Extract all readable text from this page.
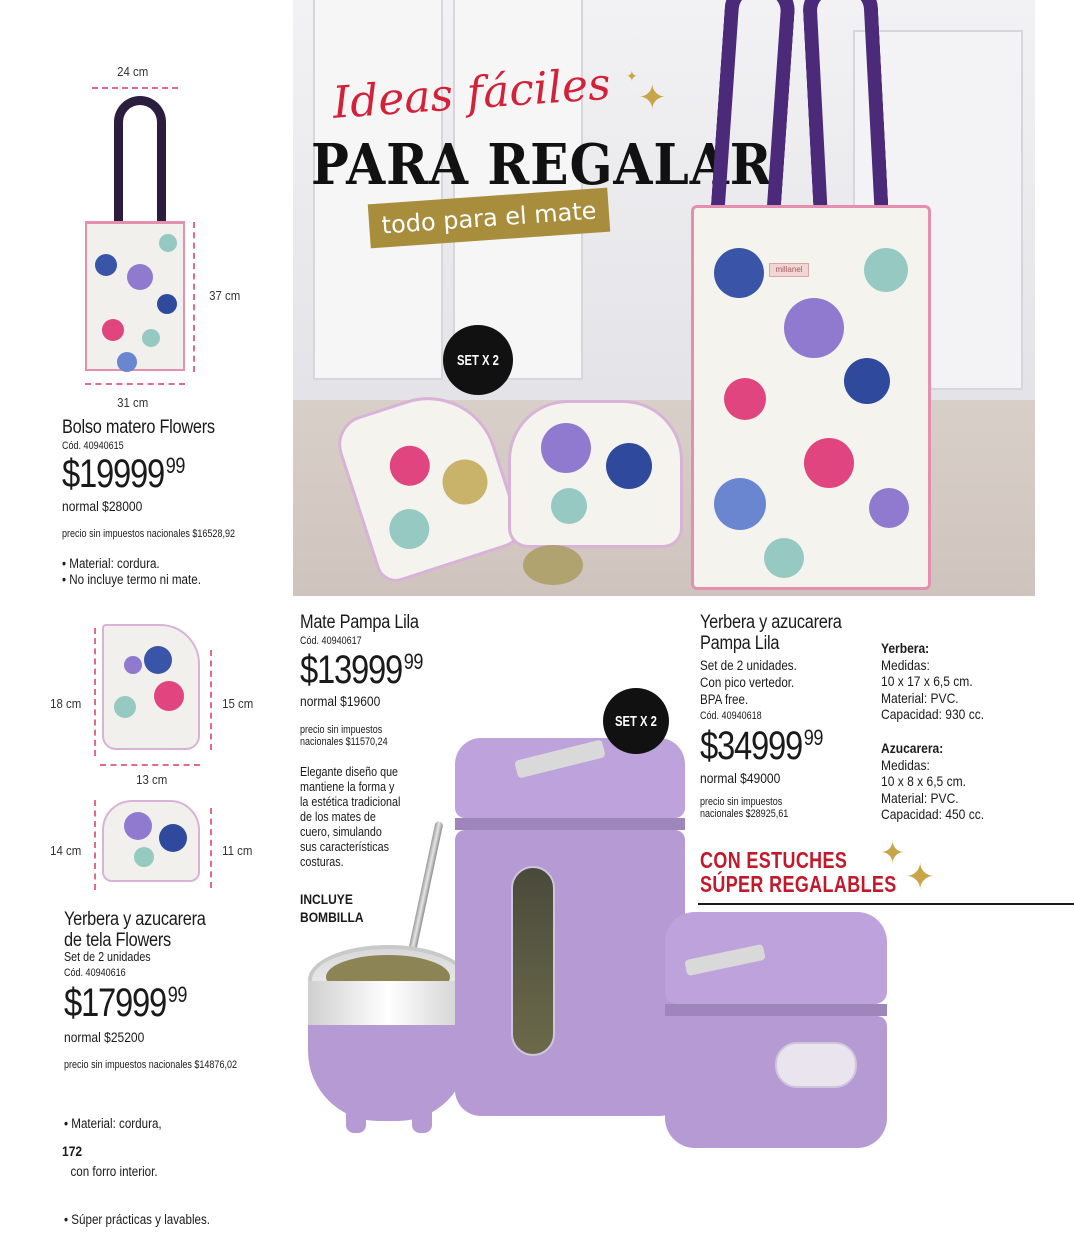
Ideas fáciles
PARA REGALAR
todo para el mate
✦
✦
SET X 2
millanel
24 cm
37 cm
31 cm
Bolso matero Flowers
Cód. 40940615
$19999 99
normal $28000
precio sin impuestos nacionales $16528,92
• Material: cordura.
• No incluye termo ni mate.
18 cm	15 cm
13 cm
14 cm	11 cm
Yerbera y azucarera
de tela Flowers
Set de 2 unidades
Cód. 40940616
$17999 99
normal $25200
precio sin impuestos nacionales $14876,02

• Material: cordura,

con forro interior.

• Súper prácticas y lavables.

172
Mate Pampa Lila
Cód. 40940617
$13999 99
normal $19600
precio sin impuestos
nacionales $11570,24
Elegante diseño que
mantiene la forma y
la estética tradicional
de los mates de
cuero, simulando
sus características
costuras.
INCLUYE
BOMBILLA
SET X 2
Yerbera y azucarera
Pampa Lila
Set de 2 unidades.
Con pico vertedor.
BPA free.
Cód. 40940618
$34999 99
normal $49000
precio sin impuestos
nacionales $28925,61
Yerbera:
Medidas:
10 x 17 x 6,5 cm.
Material: PVC.
Capacidad: 930 cc.
Azucarera:
Medidas:
10 x 8 x 6,5 cm.
Material: PVC.
Capacidad: 450 cc.
CON ESTUCHES
SÚPER REGALABLES
✦
✦
